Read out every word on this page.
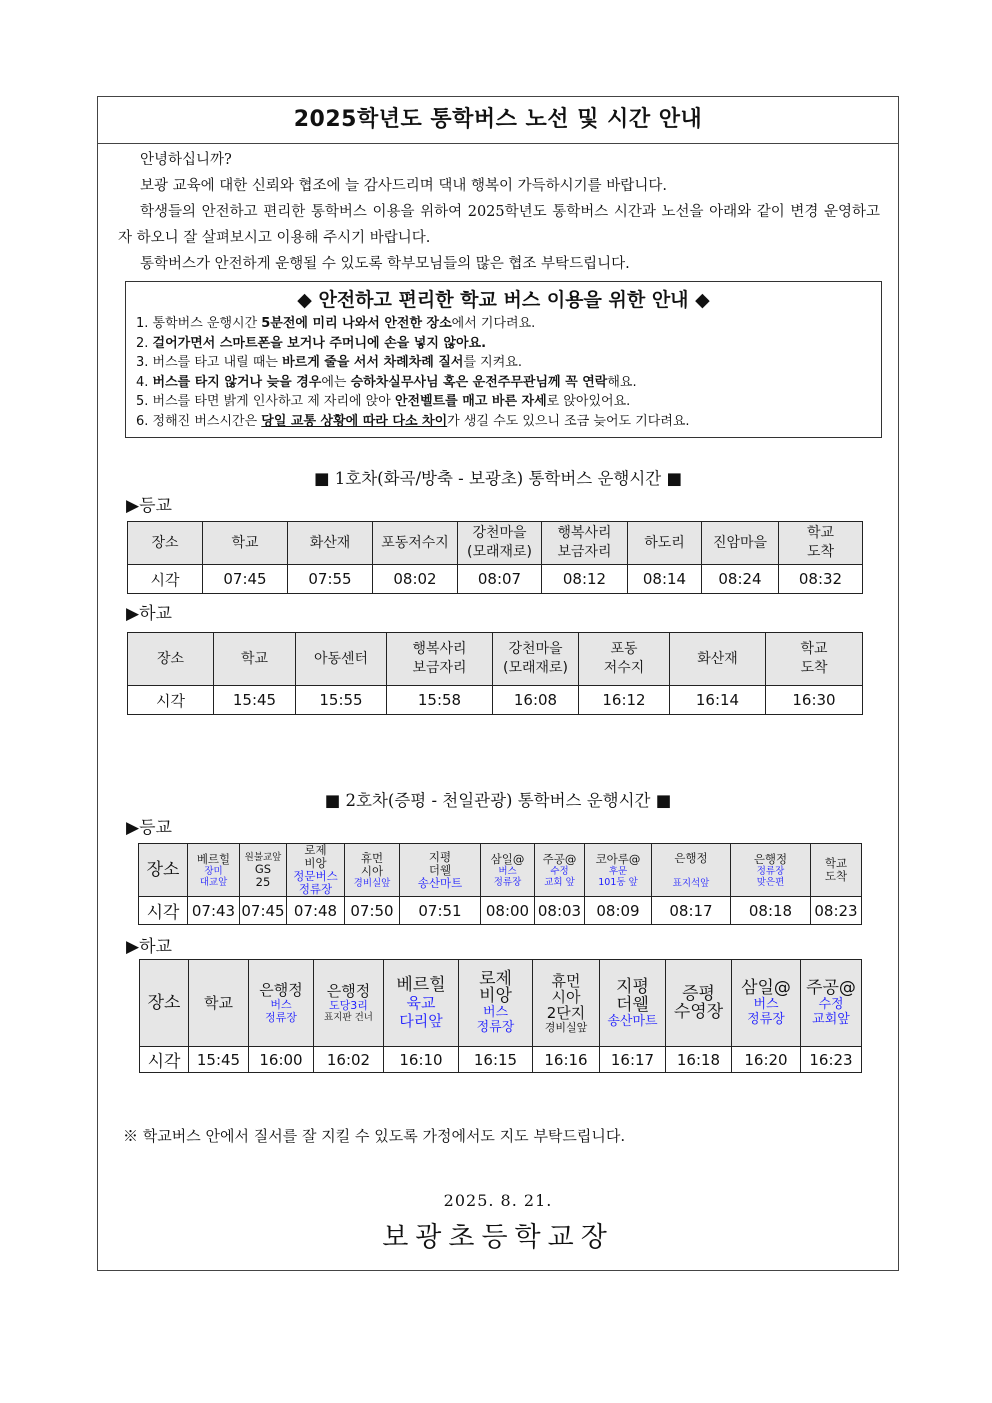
2025학년도 통학버스 노선 및 시간 안내

안녕하십니까?

보광 교육에 대한 신뢰와 협조에 늘 감사드리며 댁내 행복이 가득하시기를 바랍니다.

학생들의 안전하고 편리한 통학버스 이용을 위하여 2025학년도 통학버스 시간과 노선을 아래와 같이 변경 운영하고자 하오니 잘 살펴보시고 이용해 주시기 바랍니다.

통학버스가 안전하게 운행될 수 있도록 학부모님들의 많은 협조 부탁드립니다.

◆ 안전하고 편리한 학교 버스 이용을 위한 안내 ◆
1. 통학버스 운행시간 5분전에 미리 나와서 안전한 장소에서 기다려요.
2. 걸어가면서 스마트폰을 보거나 주머니에 손을 넣지 않아요.
3. 버스를 타고 내릴 때는 바르게 줄을 서서 차례차례 질서를 지켜요.
4. 버스를 타지 않거나 늦을 경우에는 승하차실무사님 혹은 운전주무관님께 꼭 연락해요.
5. 버스를 타면 밝게 인사하고 제 자리에 앉아 안전벨트를 매고 바른 자세로 앉아있어요.
6. 정해진 버스시간은 당일 교통 상황에 따라 다소 차이가 생길 수도 있으니 조금 늦어도 기다려요.
■ 1호차(화곡/방축 - 보광초) 통학버스 운행시간 ■
▶등교
장소	학교	화산재	포동저수지	강천마을
(모래재로)	행복사리
보금자리	하도리	진암마을	학교
도착
시각	07:45	07:55	08:02	08:07	08:12	08:14	08:24	08:32
▶하교
장소	학교	아동센터	행복사리
보금자리	강천마을
(모래재로)	포동
저수지	화산재	학교
도착
시각	15:45	15:55	15:58	16:08	16:12	16:14	16:30
■ 2호차(증평 - 천일관광) 통학버스 운행시간 ■
▶등교
장소	베르힐
장미
대교앞	원불교앞
GS
25	로제
비앙
정문버스
정류장	휴먼
시아
경비실앞	지평
더웰
송산마트	삼일@
버스
정류장	주공@
수정
교회 앞	코아루@
후문
101동 앞	은행정

표지석앞	은행정

정류장
맞은편	학교
도착
시각	07:43	07:45	07:48	07:50	07:51	08:00	08:03	08:09	08:17	08:18	08:23
▶하교
장소	학교	은행정
버스
정류장	은행정
도당3리
표지판 건너	베르힐
육교
다리앞	로제
비앙
버스
정류장	휴먼
시아
2단지
경비실앞	지평
더웰
송산마트	증평
수영장	삼일@
버스
정류장	주공@
수정
교회앞

시각	15:45	16:00	16:02	16:10	16:15	16:16	16:17	16:18	16:20	16:23
※ 학교버스 안에서 질서를 잘 지킬 수 있도록 가정에서도 지도 부탁드립니다.
2025. 8. 21.
보광초등학교장
